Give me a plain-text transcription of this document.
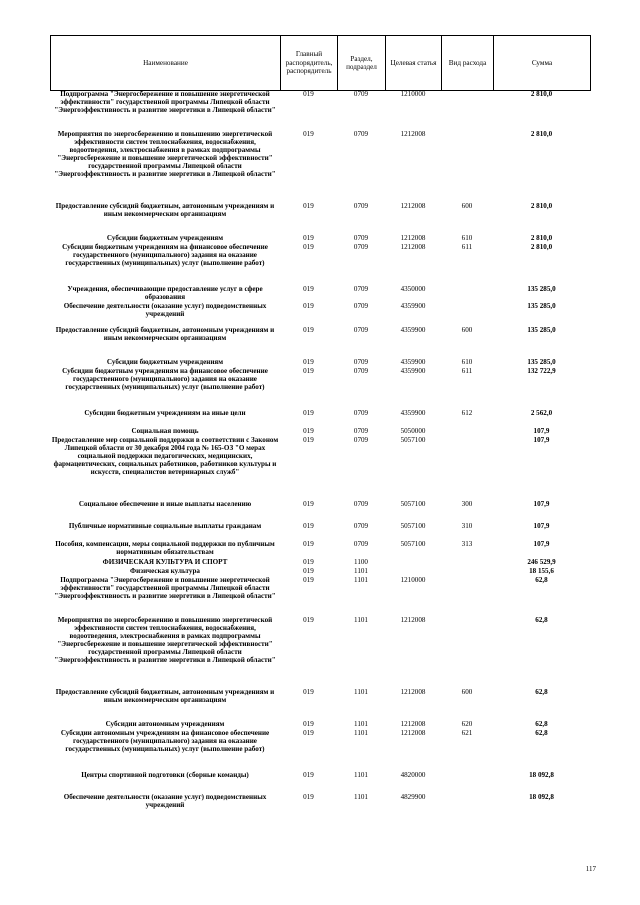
Наименование	Главный распорядитель, распорядитель	Раздел, подраздел	Целевая статья	Вид расхода	Сумма
Подпрограмма "Энергосбережение и повышение энергетической эффективности" государственной программы Липецкой области "Энергоэффективность и развитие энергетики в Липецкой области"
019	0709	1210000	2 810,0
Мероприятия по энергосбережению и повышению энергетической эффективности систем теплоснабжения, водоснабжения, водоотведения, электроснабжения в рамках подпрограммы "Энергосбережение и повышение энергетической эффективности" государственной программы Липецкой области "Энергоэффективность и развитие энергетики в Липецкой области"
019	0709	1212008	2 810,0
Предоставление субсидий бюджетным, автономным учреждениям и иным некоммерческим организациям
019	0709	1212008	600	2 810,0
Субсидии бюджетным учреждениям	019	0709	1212008	610	2 810,0
Субсидии бюджетным учреждениям на финансовое обеспечение государственного (муниципального) задания на оказание государственных (муниципальных) услуг (выполнение работ)
019	0709	1212008	611	2 810,0
Учреждения, обеспечивающие предоставление услуг в сфере образования
019	0709	4350000	135 285,0
Обеспечение деятельности (оказание услуг) подведомственных учреждений
019	0709	4359900	135 285,0
Предоставление субсидий бюджетным, автономным учреждениям и иным некоммерческим организациям
019	0709	4359900	600	135 285,0
Субсидии бюджетным учреждениям	019	0709	4359900	610	135 285,0
Субсидии бюджетным учреждениям на финансовое обеспечение государственного (муниципального) задания на оказание государственных (муниципальных) услуг (выполнение работ)
019	0709	4359900	611	132 722,9
Субсидии бюджетным учреждениям на иные цели	019	0709	4359900	612	2 562,0
Социальная помощь	019	0709	5050000	107,9
Предоставление мер социальной поддержки в соответствии с Законом Липецкой области от 30 декабря 2004 года № 165-ОЗ "О мерах социальной поддержки педагогических, медицинских, фармацевтических, социальных работников, работников культуры и искусств, специалистов ветеринарных служб"
019	0709	5057100	107,9
Социальное обеспечение и иные выплаты населению	019	0709	5057100	300	107,9
Публичные нормативные социальные выплаты гражданам	019	0709	5057100	310	107,9
Пособия, компенсации, меры социальной поддержки по публичным нормативным обязательствам
019	0709	5057100	313	107,9
ФИЗИЧЕСКАЯ КУЛЬТУРА И СПОРТ	019	1100	246 529,9
Физическая культура	019	1101	18 155,6
Подпрограмма "Энергосбережение и повышение энергетической эффективности" государственной программы Липецкой области "Энергоэффективность и развитие энергетики в Липецкой области"
019	1101	1210000	62,8
Мероприятия по энергосбережению и повышению энергетической эффективности систем теплоснабжения, водоснабжения, водоотведения, электроснабжения в рамках подпрограммы "Энергосбережение и повышение энергетической эффективности" государственной программы Липецкой области "Энергоэффективность и развитие энергетики в Липецкой области"
019	1101	1212008	62,8
Предоставление субсидий бюджетным, автономным учреждениям и иным некоммерческим организациям
019	1101	1212008	600	62,8
Субсидии автономным учреждениям	019	1101	1212008	620	62,8
Субсидии автономным учреждениям на финансовое обеспечение государственного (муниципального) задания на оказание государственных (муниципальных) услуг (выполнение работ)
019	1101	1212008	621	62,8
Центры спортивной подготовки (сборные команды)	019	1101	4820000	18 092,8
Обеспечение деятельности (оказание услуг) подведомственных учреждений
019	1101	4829900	18 092,8
117
